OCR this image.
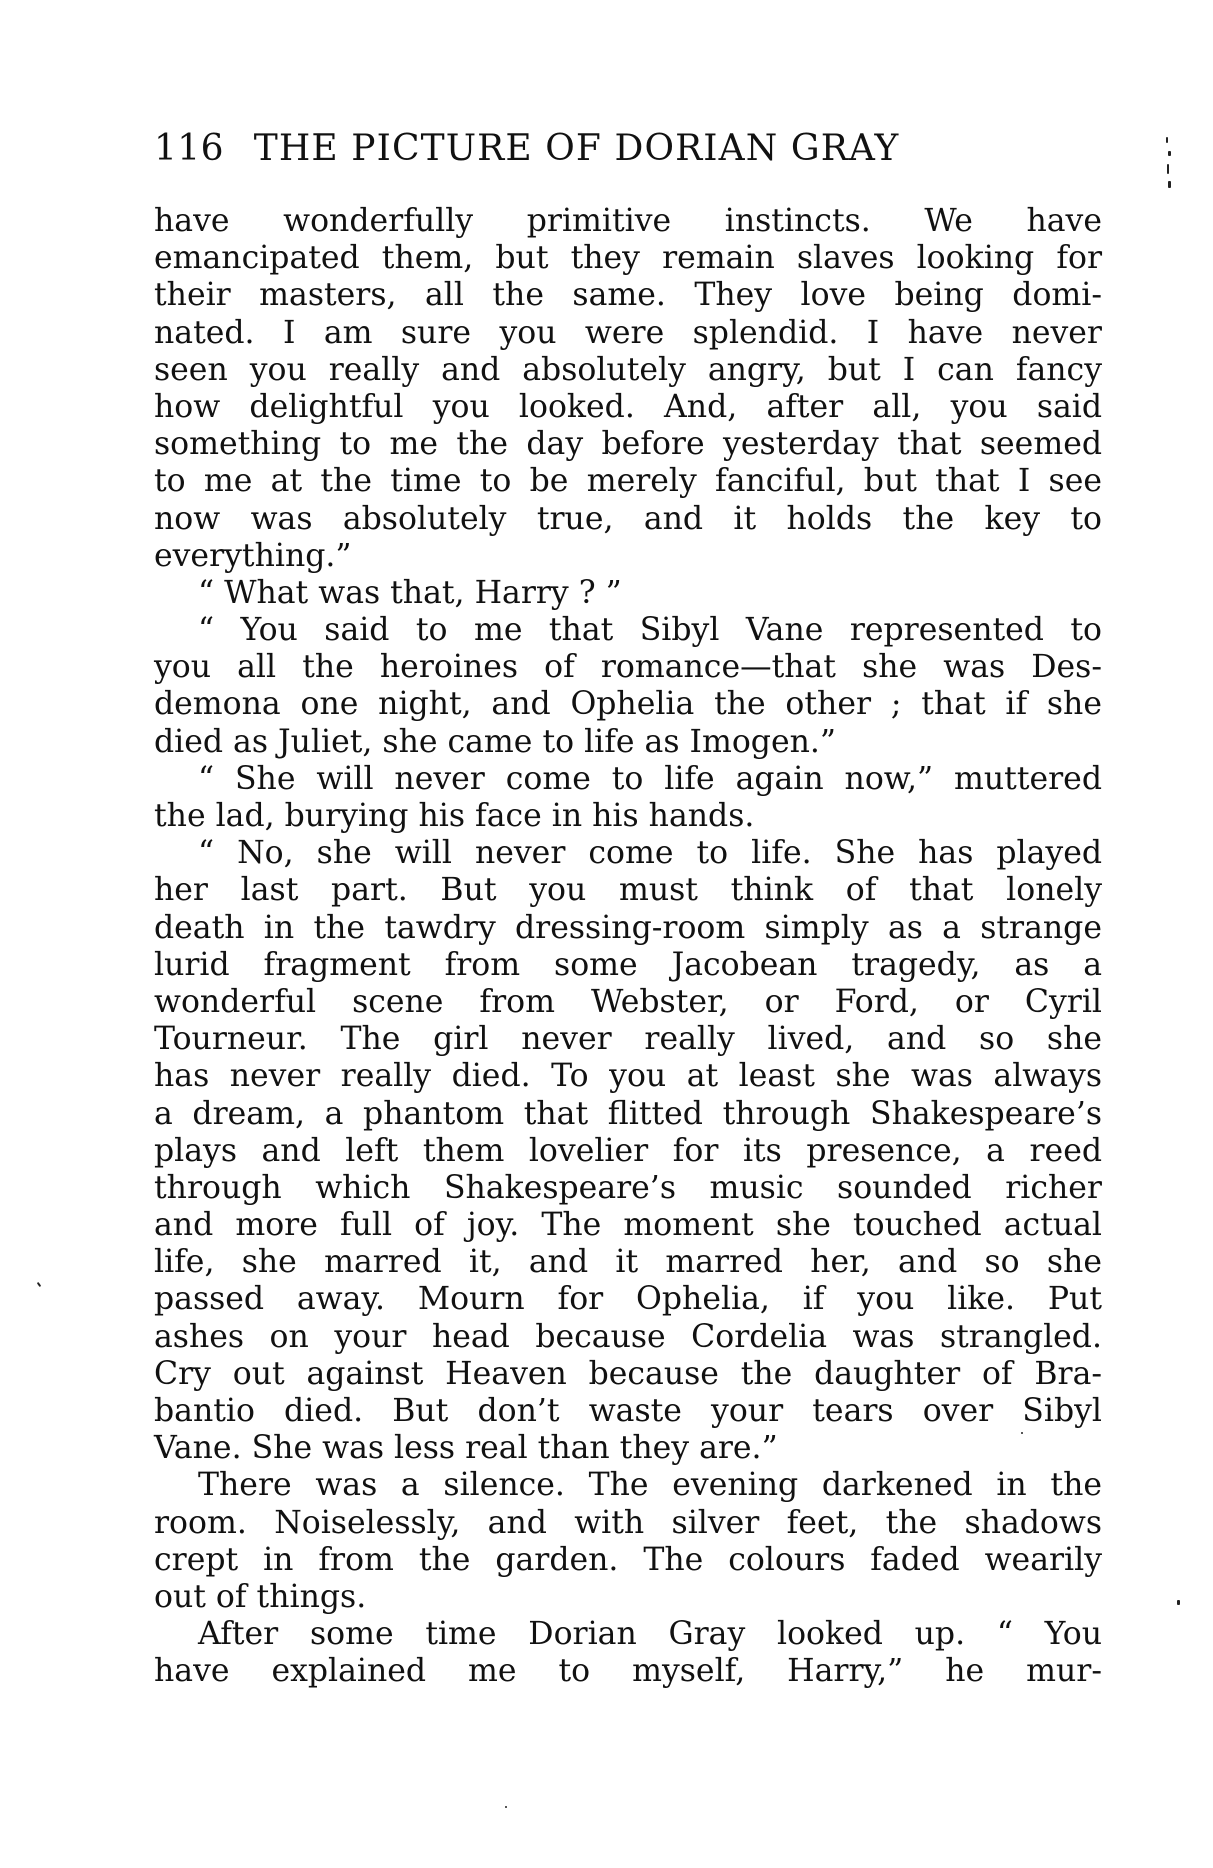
116 THE PICTURE OF DORIAN GRAY
have wonderfully primitive instincts. We have
emancipated them, but they remain slaves looking for
their masters, all the same. They love being domi-
nated. I am sure you were splendid. I have never
seen you really and absolutely angry, but I can fancy
how delightful you looked. And, after all, you said
something to me the day before yesterday that seemed
to me at the time to be merely fanciful, but that I see
now was absolutely true, and it holds the key to
everything.”
“ What was that, Harry ? ”
“ You said to me that Sibyl Vane represented to
you all the heroines of romance—that she was Des-
demona one night, and Ophelia the other ; that if she
died as Juliet, she came to life as Imogen.”
“ She will never come to life again now,” muttered
the lad, burying his face in his hands.
“ No, she will never come to life. She has played
her last part. But you must think of that lonely
death in the tawdry dressing-room simply as a strange
lurid fragment from some Jacobean tragedy, as a
wonderful scene from Webster, or Ford, or Cyril
Tourneur. The girl never really lived, and so she
has never really died. To you at least she was always
a dream, a phantom that flitted through Shakespeare’s
plays and left them lovelier for its presence, a reed
through which Shakespeare’s music sounded richer
and more full of joy. The moment she touched actual
life, she marred it, and it marred her, and so she
passed away. Mourn for Ophelia, if you like. Put
ashes on your head because Cordelia was strangled.
Cry out against Heaven because the daughter of Bra-
bantio died. But don’t waste your tears over Sibyl
Vane. She was less real than they are.”
There was a silence. The evening darkened in the
room. Noiselessly, and with silver feet, the shadows
crept in from the garden. The colours faded wearily
out of things.
After some time Dorian Gray looked up. “ You
have explained me to myself, Harry,” he mur-
